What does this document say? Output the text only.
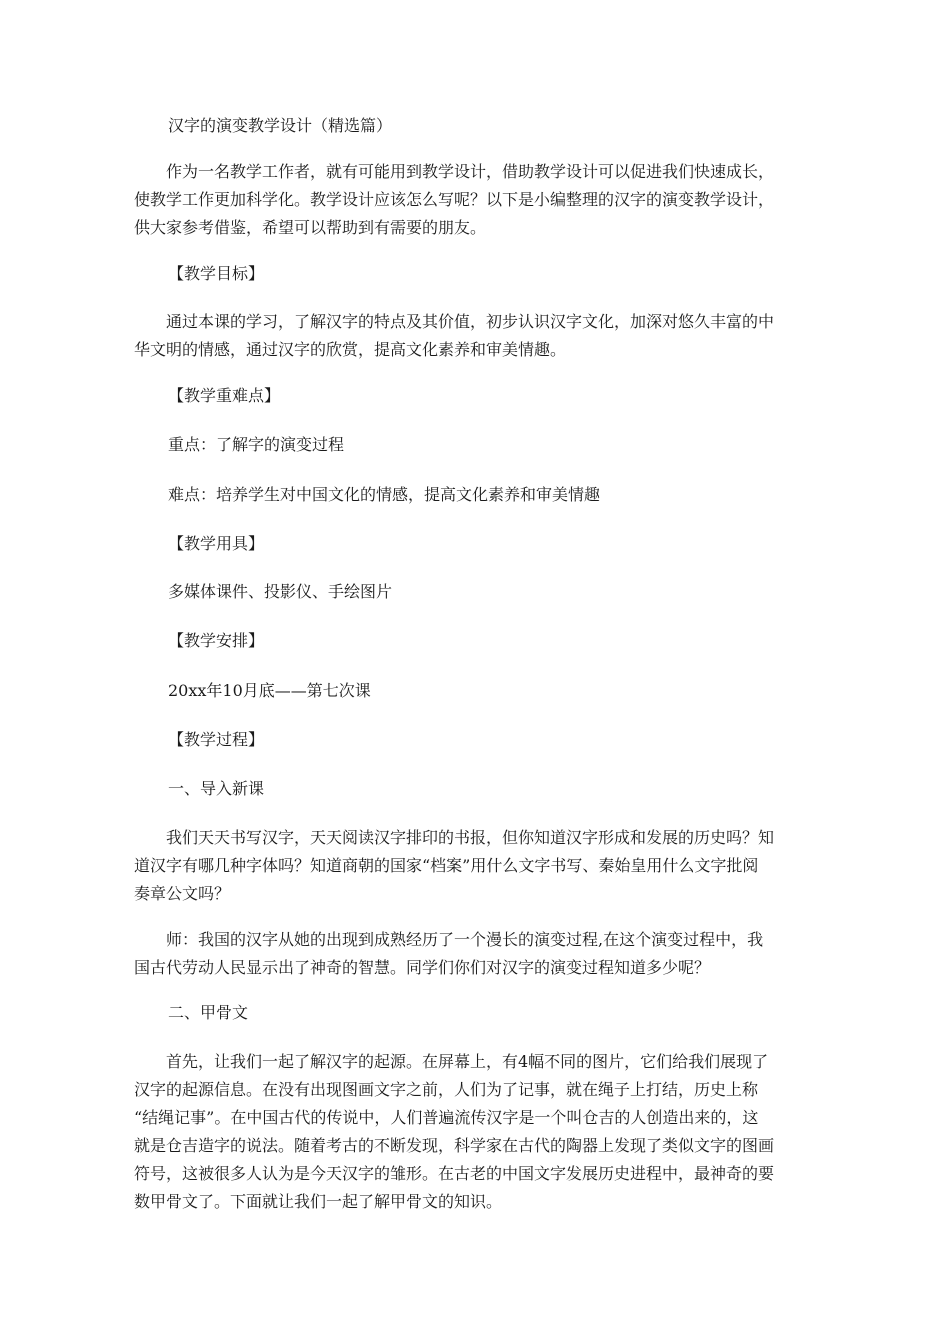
汉字的演变教学设计（精选篇）

　　作为一名教学工作者，就有可能用到教学设计，借助教学设计可以促进我们快速成长，

使教学工作更加科学化。教学设计应该怎么写呢？以下是小编整理的汉字的演变教学设计，

供大家参考借鉴，希望可以帮助到有需要的朋友。

【教学目标】

　　通过本课的学习，了解汉字的特点及其价值，初步认识汉字文化，加深对悠久丰富的中

华文明的情感，通过汉字的欣赏，提高文化素养和审美情趣。

【教学重难点】

重点：了解字的演变过程

难点：培养学生对中国文化的情感，提高文化素养和审美情趣

【教学用具】

多媒体课件、投影仪、手绘图片

【教学安排】

20xx年10月底——第七次课

【教学过程】

一、导入新课

　　我们天天书写汉字，天天阅读汉字排印的书报，但你知道汉字形成和发展的历史吗？知

道汉字有哪几种字体吗？知道商朝的国家“档案”用什么文字书写、秦始皇用什么文字批阅

奏章公文吗？

　　师：我国的汉字从她的出现到成熟经历了一个漫长的演变过程,在这个演变过程中，我

国古代劳动人民显示出了神奇的智慧。同学们你们对汉字的演变过程知道多少呢？

二、甲骨文

　　首先，让我们一起了解汉字的起源。在屏幕上，有4幅不同的图片，它们给我们展现了

汉字的起源信息。在没有出现图画文字之前，人们为了记事，就在绳子上打结，历史上称

“结绳记事”。在中国古代的传说中，人们普遍流传汉字是一个叫仓吉的人创造出来的，这

就是仓吉造字的说法。随着考古的不断发现，科学家在古代的陶器上发现了类似文字的图画

符号，这被很多人认为是今天汉字的雏形。在古老的中国文字发展历史进程中，最神奇的要

数甲骨文了。下面就让我们一起了解甲骨文的知识。
